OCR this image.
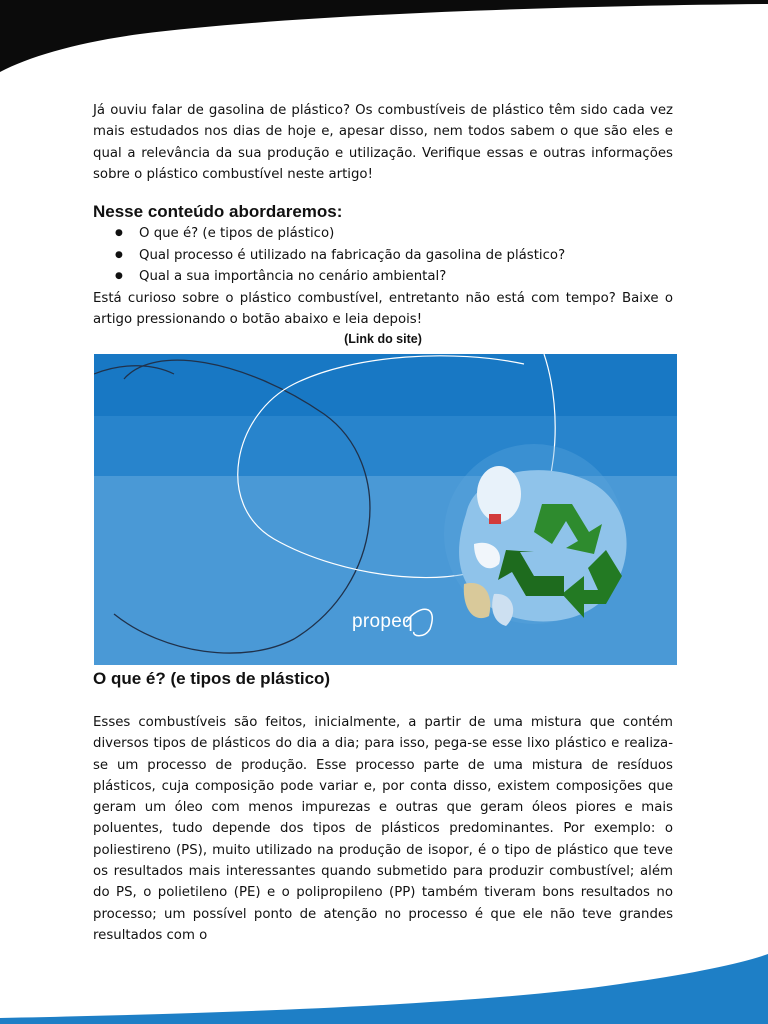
Já ouviu falar de gasolina de plástico? Os combustíveis de plástico têm sido cada vez mais estudados nos dias de hoje e, apesar disso, nem todos sabem o que são eles e qual a relevância da sua produção e utilização. Verifique essas e outras informações sobre o plástico combustível neste artigo!

Nesse conteúdo abordaremos:

● O que é? (e tipos de plástico)
● Qual processo é utilizado na fabricação da gasolina de plástico?
● Qual a sua importância no cenário ambiental?

Está curioso sobre o plástico combustível, entretanto não está com tempo? Baixe o artigo pressionando o botão abaixo e leia depois!

(Link do site)

propeq

O que é? (e tipos de plástico)

Esses combustíveis são feitos, inicialmente, a partir de uma mistura que contém diversos tipos de plásticos do dia a dia; para isso, pega-se esse lixo plástico e realiza-se um processo de produção. Esse processo parte de uma mistura de resíduos plásticos, cuja composição pode variar e, por conta disso, existem composições que geram um óleo com menos impurezas e outras que geram óleos piores e mais poluentes, tudo depende dos tipos de plásticos predominantes. Por exemplo: o poliestireno (PS), muito utilizado na produção de isopor, é o tipo de plástico que teve os resultados mais interessantes quando submetido para produzir combustível; além do PS, o polietileno (PE) e o polipropileno (PP) também tiveram bons resultados no processo; um possível ponto de atenção no processo é que ele não teve grandes resultados com o
